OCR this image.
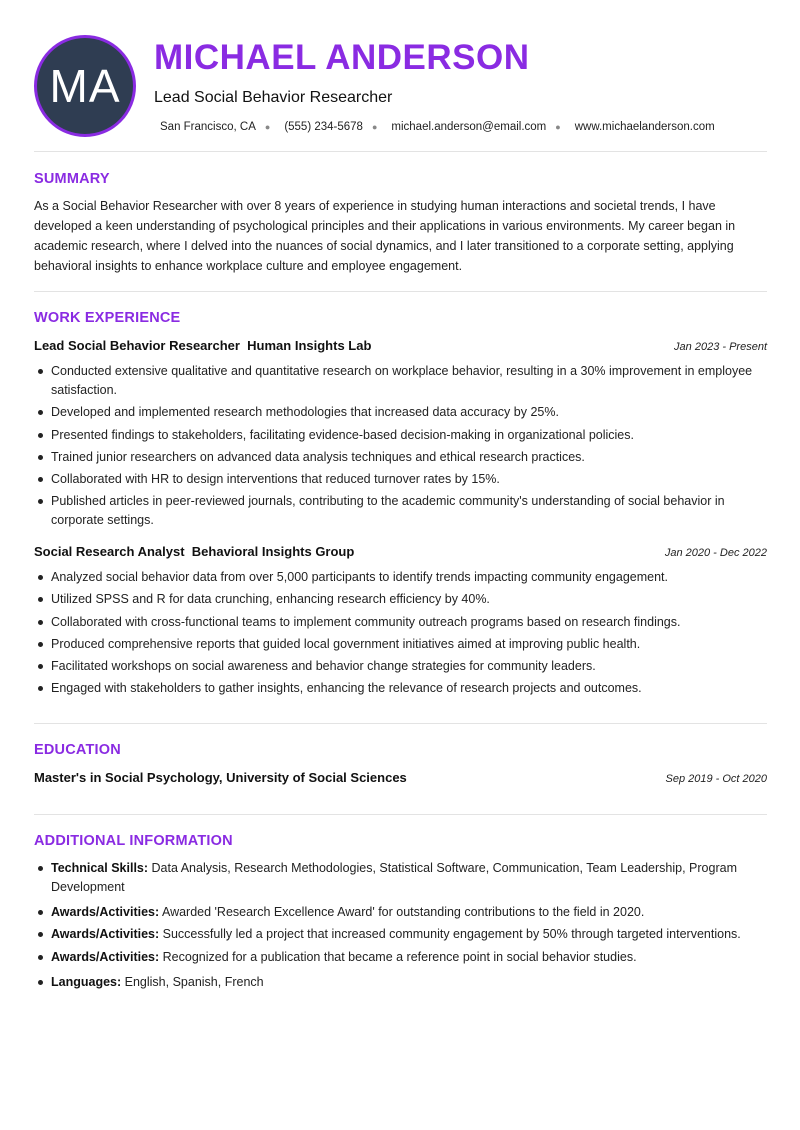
MA
MICHAEL ANDERSON
Lead Social Behavior Researcher
San Francisco, CA ● (555) 234-5678 ● michael.anderson@email.com ● www.michaelanderson.com
SUMMARY
As a Social Behavior Researcher with over 8 years of experience in studying human interactions and societal trends, I have developed a keen understanding of psychological principles and their applications in various environments. My career began in academic research, where I delved into the nuances of social dynamics, and I later transitioned to a corporate setting, applying behavioral insights to enhance workplace culture and employee engagement.
WORK EXPERIENCE
Lead Social Behavior Researcher Human Insights Lab	Jan 2023 - Present
Conducted extensive qualitative and quantitative research on workplace behavior, resulting in a 30% improvement in employee satisfaction.
Developed and implemented research methodologies that increased data accuracy by 25%.
Presented findings to stakeholders, facilitating evidence-based decision-making in organizational policies.
Trained junior researchers on advanced data analysis techniques and ethical research practices.
Collaborated with HR to design interventions that reduced turnover rates by 15%.
Published articles in peer-reviewed journals, contributing to the academic community's understanding of social behavior in corporate settings.
Social Research Analyst Behavioral Insights Group	Jan 2020 - Dec 2022
Analyzed social behavior data from over 5,000 participants to identify trends impacting community engagement.
Utilized SPSS and R for data crunching, enhancing research efficiency by 40%.
Collaborated with cross-functional teams to implement community outreach programs based on research findings.
Produced comprehensive reports that guided local government initiatives aimed at improving public health.
Facilitated workshops on social awareness and behavior change strategies for community leaders.
Engaged with stakeholders to gather insights, enhancing the relevance of research projects and outcomes.
EDUCATION
Master's in Social Psychology, University of Social Sciences	Sep 2019 - Oct 2020
ADDITIONAL INFORMATION
Technical Skills: Data Analysis, Research Methodologies, Statistical Software, Communication, Team Leadership, Program Development
Awards/Activities: Awarded 'Research Excellence Award' for outstanding contributions to the field in 2020.
Awards/Activities: Successfully led a project that increased community engagement by 50% through targeted interventions.
Awards/Activities: Recognized for a publication that became a reference point in social behavior studies.
Languages: English, Spanish, French
